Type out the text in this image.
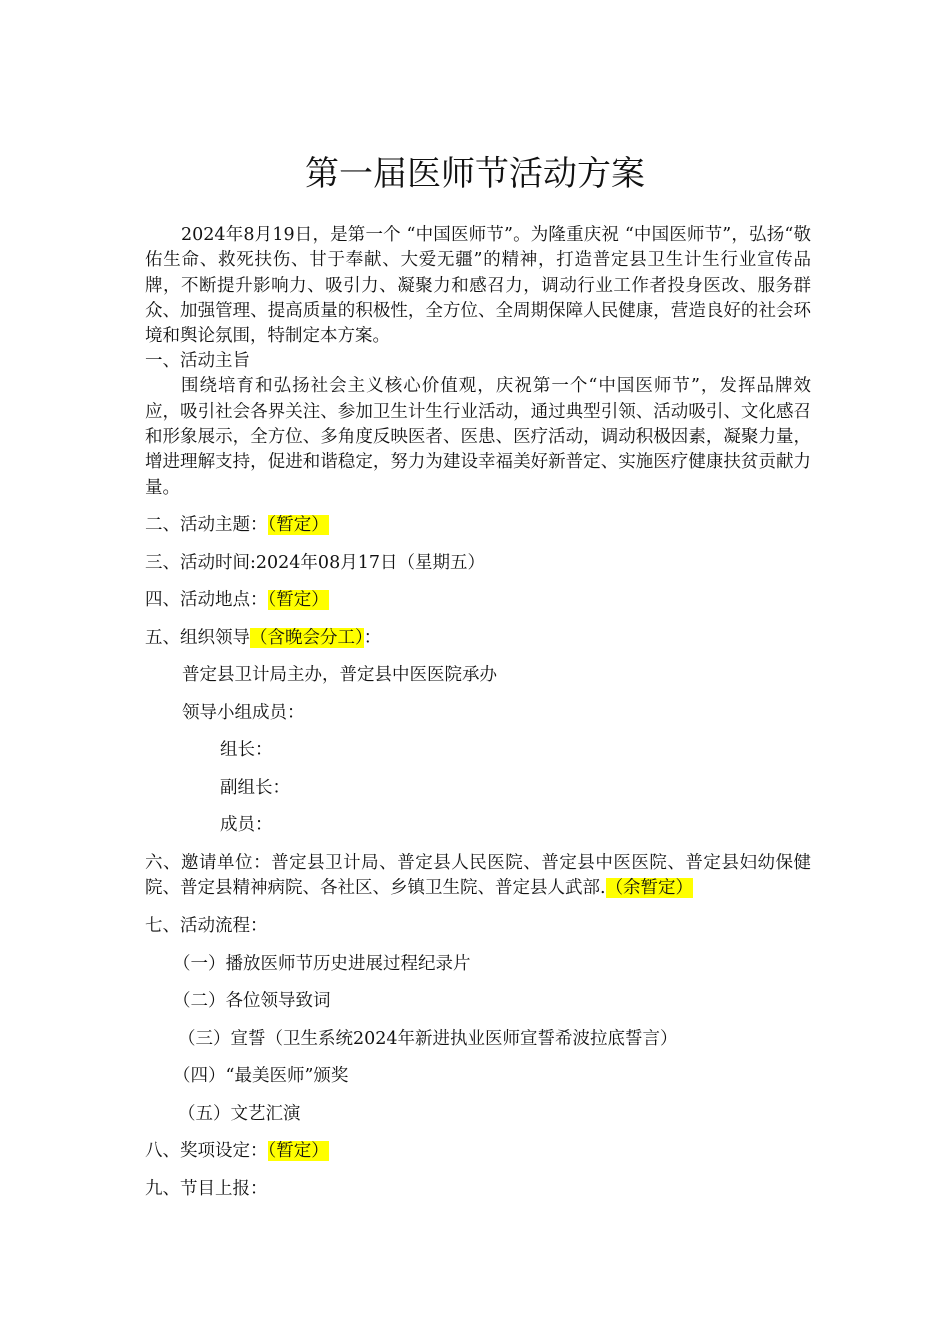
第一届医师节活动方案

2024年8月19日，是第一个 “中国医师节”。为隆重庆祝 “中国医师节”，弘扬“敬佑生命、救死扶伤、甘于奉献、大爱无疆”的精神，打造普定县卫生计生行业宣传品牌，不断提升影响力、吸引力、凝聚力和感召力，调动行业工作者投身医改、服务群众、加强管理、提高质量的积极性，全方位、全周期保障人民健康，营造良好的社会环境和舆论氛围，特制定本方案。

一、活动主旨

围绕培育和弘扬社会主义核心价值观，庆祝第一个“中国医师节”，发挥品牌效应，吸引社会各界关注、参加卫生计生行业活动，通过典型引领、活动吸引、文化感召和形象展示，全方位、多角度反映医者、医患、医疗活动，调动积极因素，凝聚力量，增进理解支持，促进和谐稳定，努力为建设幸福美好新普定、实施医疗健康扶贫贡献力量。

二、活动主题：（暂定）

三、活动时间:2024年08月17日（星期五）

四、活动地点：（暂定）

五、组织领导（含晚会分工）：

普定县卫计局主办，普定县中医医院承办

领导小组成员：

组长：

副组长：

成员：

六、邀请单位：普定县卫计局、普定县人民医院、普定县中医医院、普定县妇幼保健院、普定县精神病院、各社区、乡镇卫生院、普定县人武部.（余暂定）

七、活动流程：

（一）播放医师节历史进展过程纪录片

（二）各位领导致词

（三）宣誓（卫生系统2024年新进执业医师宣誓希波拉底誓言）

（四）“最美医师”颁奖

（五）文艺汇演

八、奖项设定：（暂定）

九、节目上报：
